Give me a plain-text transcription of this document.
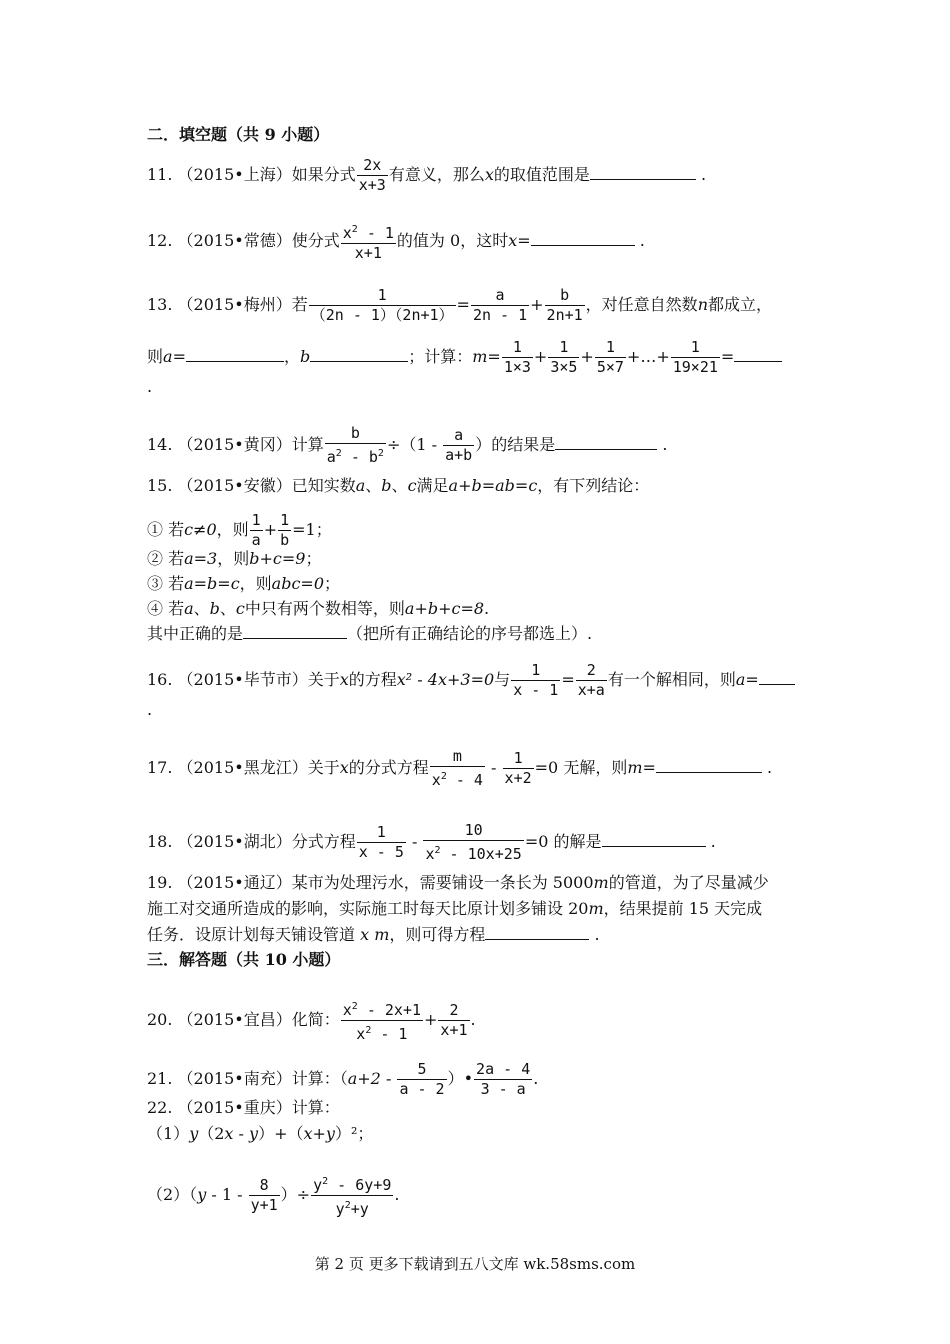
二．填空题（共 9 小题）
11. （2015•上海）如果分式 $\frac{2x}{x+3}$ 有意义，那么x的取值范围是	.
12. （2015•常德）使分式 $\frac{x^2 - 1}{x+1}$ 的值为 0，这时x=	.
13. （2015•梅州）若 $\frac{1}{(2n - 1)(2n+1)} = \frac{a}{2n - 1} + \frac{b}{2n+1}$ ，对任意自然数n都成立，
则a=	，b	；计算：$m= \frac{1}{1\times 3} + \frac{1}{3\times 5} + \frac{1}{5\times 7}$ +…+ $\frac{1}{19\times 21}$ =
.
14. （2015•黄冈）计算 $\frac{b}{a^2 - b^2} \div(1 - \frac{a}{a+b}$ ）的结果是	.
15. （2015•安徽）已知实数a、b、c满足a+b=ab=c，有下列结论：
① 若c≠0，则 $\frac{1}{a} + \frac{1}{b} =1$；
② 若a=3，则b+c=9；
③ 若a=b=c，则abc=0；
④ 若a、b、c中只有两个数相等，则a+b+c=8.
其中正确的是	（把所有正确结论的序号都选上）.
16. （2015•毕节市）关于x的方程x² - 4x+3=0与 $\frac{1}{x - 1} = \frac{2}{x+a}$ 有一个解相同，则a=
.
17. （2015•黑龙江）关于x的分式方程 $\frac{m}{x^2 - 4} - \frac{1}{x+2} =0$ 无解，则m=	.
18. （2015•湖北）分式方程 $\frac{1}{x - 5} - \frac{10}{x^2 - 10x+25} =0$ 的解是	.
19. （2015•通辽）某市为处理污水，需要铺设一条长为 5000m的管道，为了尽量减少
施工对交通所造成的影响，实际施工时每天比原计划多铺设 20m，结果提前 15 天完成
任务．设原计划每天铺设管道 x m，则可得方程	.
三．解答题（共 10 小题）
20. （2015•宜昌）化简： $\frac{x^2 - 2x+1}{x^2 - 1} + \frac{2}{x+1}$ .
21. （2015•南充）计算：（$a+2 - \frac{5}{a - 2}$ ）• $\frac{2a - 4}{3 - a}$ .
22. （2015•重庆）计算：
（1）y（2x - y）+（x+y）²；
$(2)(y - 1 - \frac{8}{y+1}$ ）÷ $\frac{y^2 - 6y+9}{y^2+y}$ .
第 2 页 更多下载请到五八文库 wk.58sms.com
